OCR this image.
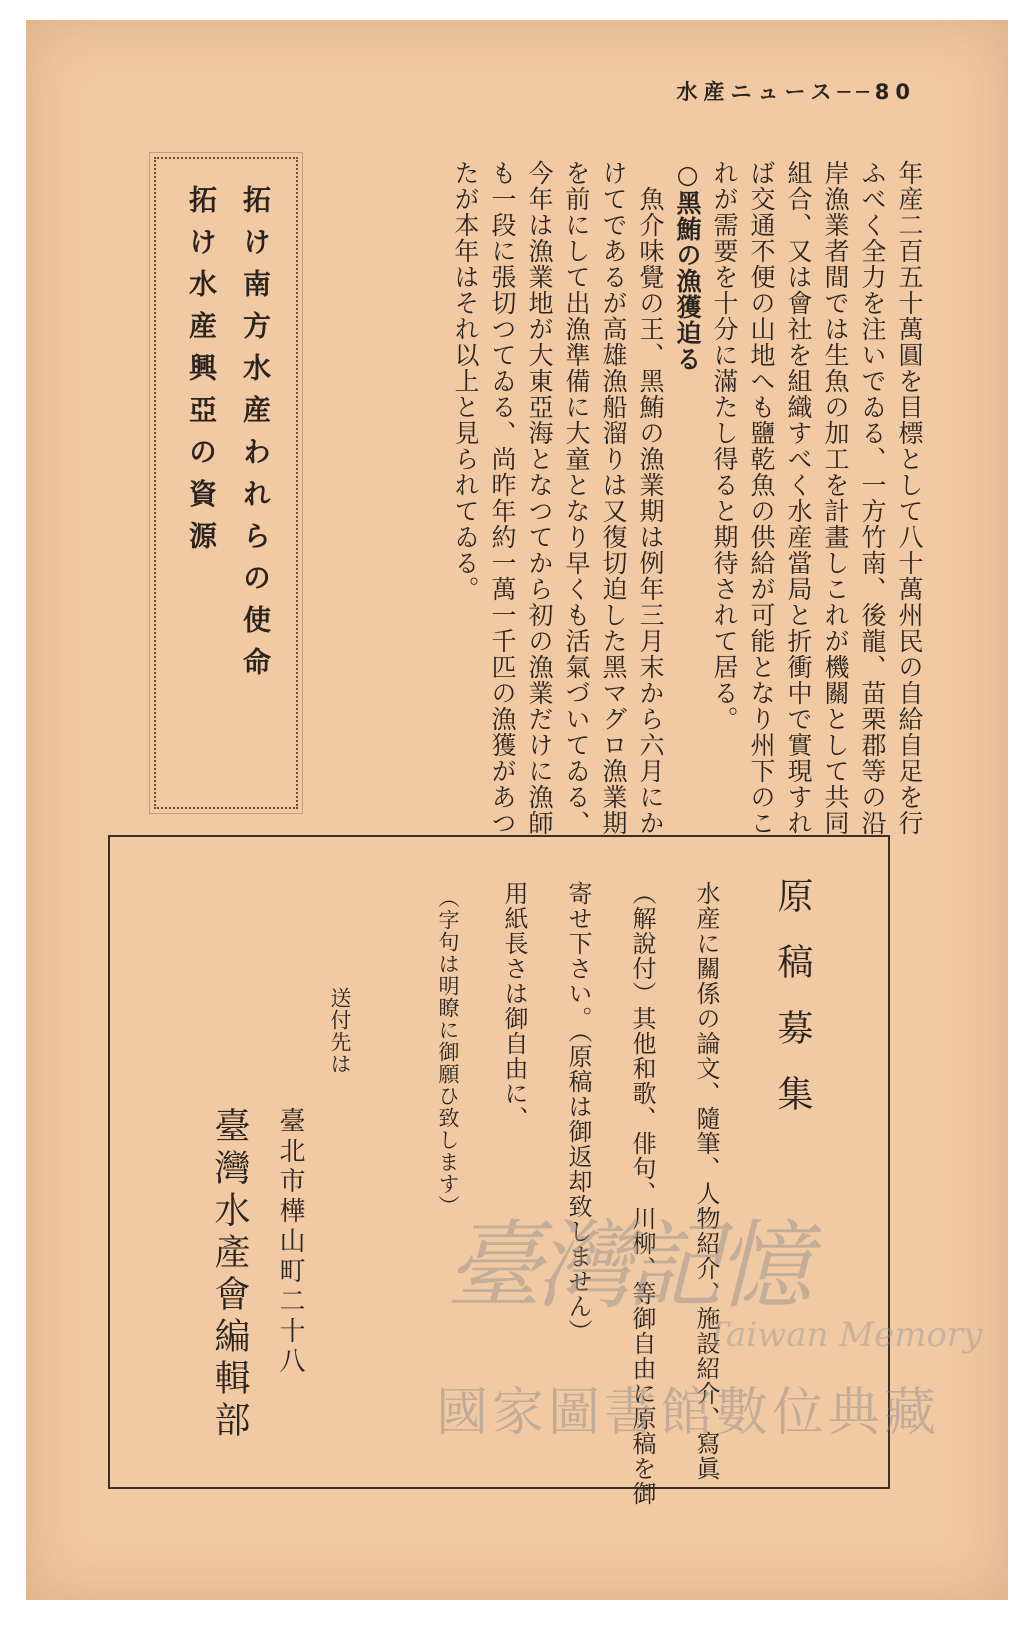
水産ニュース──80
年産二百五十萬圓を目標として八十萬州民の自給自足を行
ふべく全力を注いでゐる、一方竹南、後龍、苗栗郡等の沿
岸漁業者間では生魚の加工を計畫しこれが機關として共同
組合、又は會社を組織すべく水産當局と折衝中で實現すれ
ば交通不便の山地へも鹽乾魚の供給が可能となり州下のこ
れが需要を十分に滿たし得ると期待されて居る。
○黑鮪の漁獲迫る
　魚介味覺の王、黑鮪の漁業期は例年三月末から六月にか
けてであるが高雄漁船溜りは又復切迫した黑マグロ漁業期
を前にして出漁準備に大童となり早くも活氣づいてゐる、
今年は漁業地が大東亞海となつてから初の漁業だけに漁師
も一段に張切つてゐる、尚昨年約一萬一千匹の漁獲があつ
たが本年はそれ以上と見られてゐる。
拓け南方水産われらの使命
拓け水産興亞の資源
原稿募集
水産に關係の論文、隨筆、人物紹介、施設紹介、寫眞
（解說付）其他和歌、俳句、川柳、等御自由に原稿を御
寄せ下さい。（原稿は御返却致しません）
用紙長さは御自由に、
（字句は明瞭に御願ひ致します）
送付先は
臺北市樺山町二十八
臺灣水產會編輯部 臺灣記憶
Taiwan Memory
國家圖書館數位典藏
